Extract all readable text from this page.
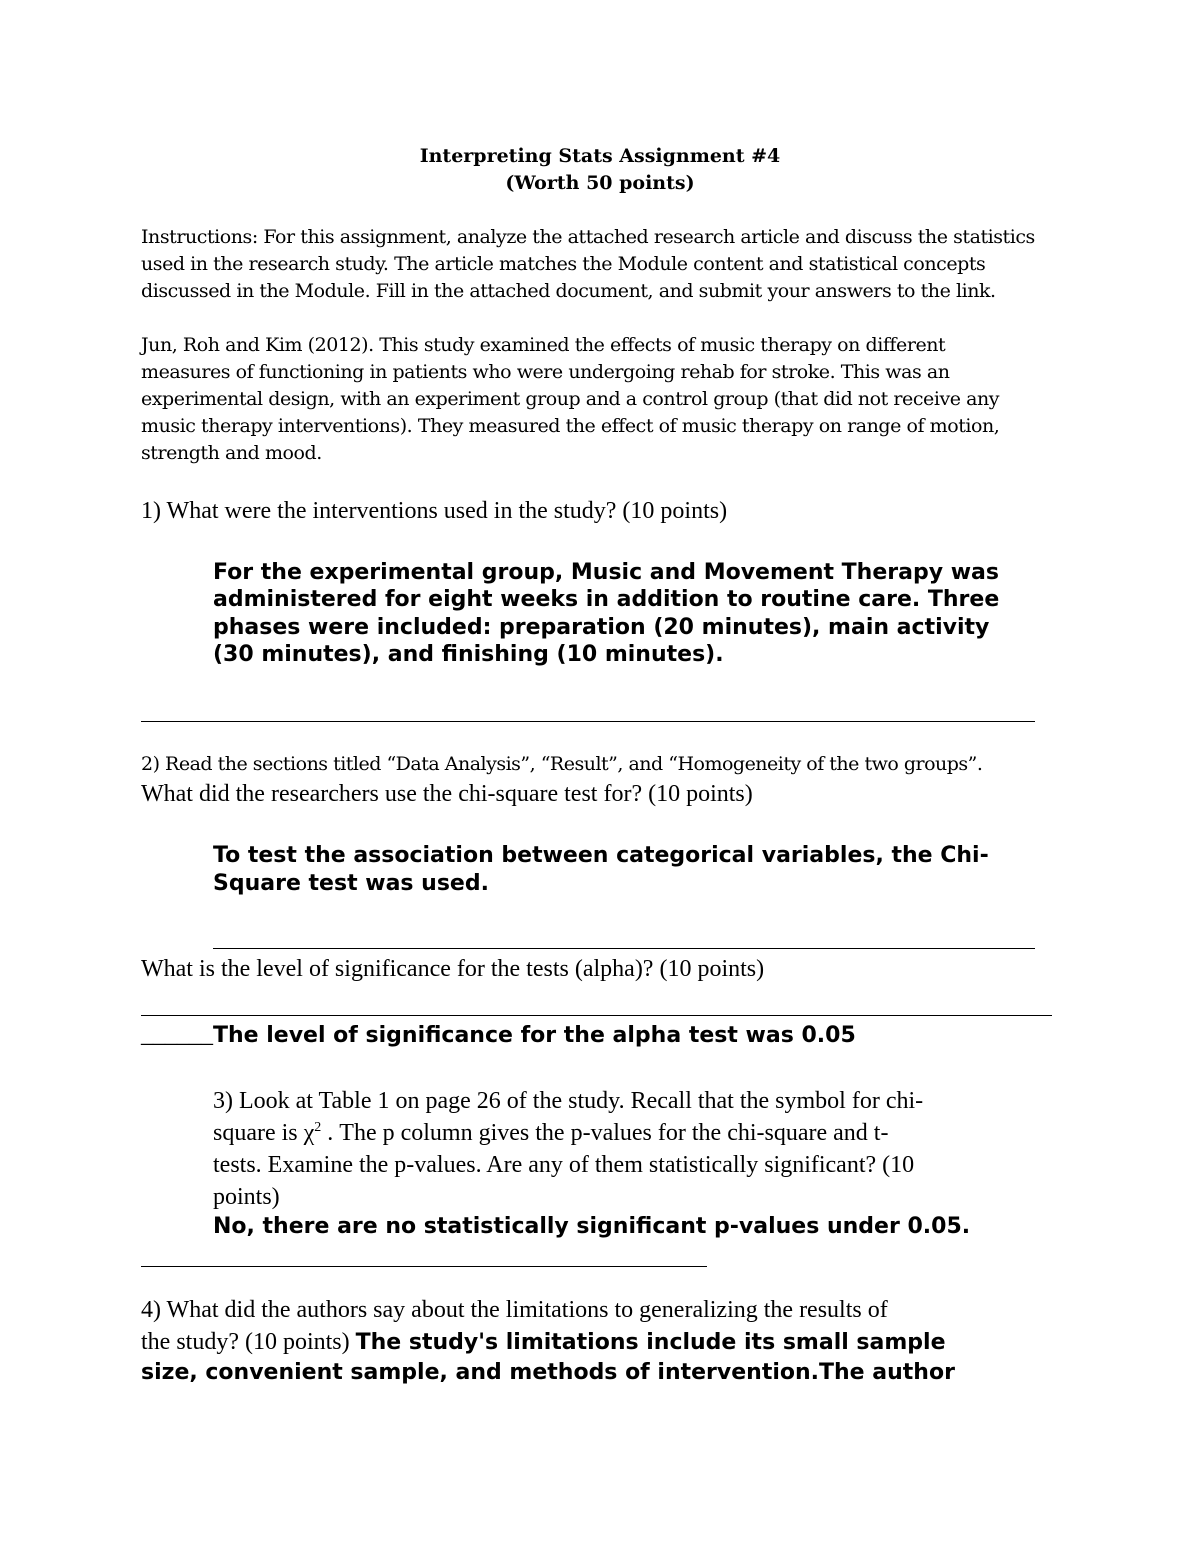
Interpreting Stats Assignment #4

(Worth 50 points)

Instructions: For this assignment, analyze the attached research article and discuss the statistics

used in the research study. The article matches the Module content and statistical concepts

discussed in the Module. Fill in the attached document, and submit your answers to the link.

Jun, Roh and Kim (2012). This study examined the effects of music therapy on different

measures of functioning in patients who were undergoing rehab for stroke. This was an

experimental design, with an experiment group and a control group (that did not receive any

music therapy interventions). They measured the effect of music therapy on range of motion,

strength and mood.

1) What were the interventions used in the study? (10 points)

For the experimental group, Music and Movement Therapy was

administered for eight weeks in addition to routine care. Three

phases were included: preparation (20 minutes), main activity

(30 minutes), and finishing (10 minutes).

2) Read the sections titled “Data Analysis”, “Result”, and “Homogeneity of the two groups”.

What did the researchers use the chi-square test for? (10 points)

To test the association between categorical variables, the Chi-

Square test was used.

What is the level of significance for the tests (alpha)? (10 points)

______The level of significance for the alpha test was 0.05

3) Look at Table 1 on page 26 of the study. Recall that the symbol for chi-

square is $\chi^2$ . The p column gives the p-values for the chi-square and t-

tests. Examine the p-values. Are any of them statistically significant? (10

points)

No, there are no statistically significant p-values under 0.05.

4) What did the authors say about the limitations to generalizing the results of

the study? (10 points) The study's limitations include its small sample

size, convenient sample, and methods of intervention.The author
